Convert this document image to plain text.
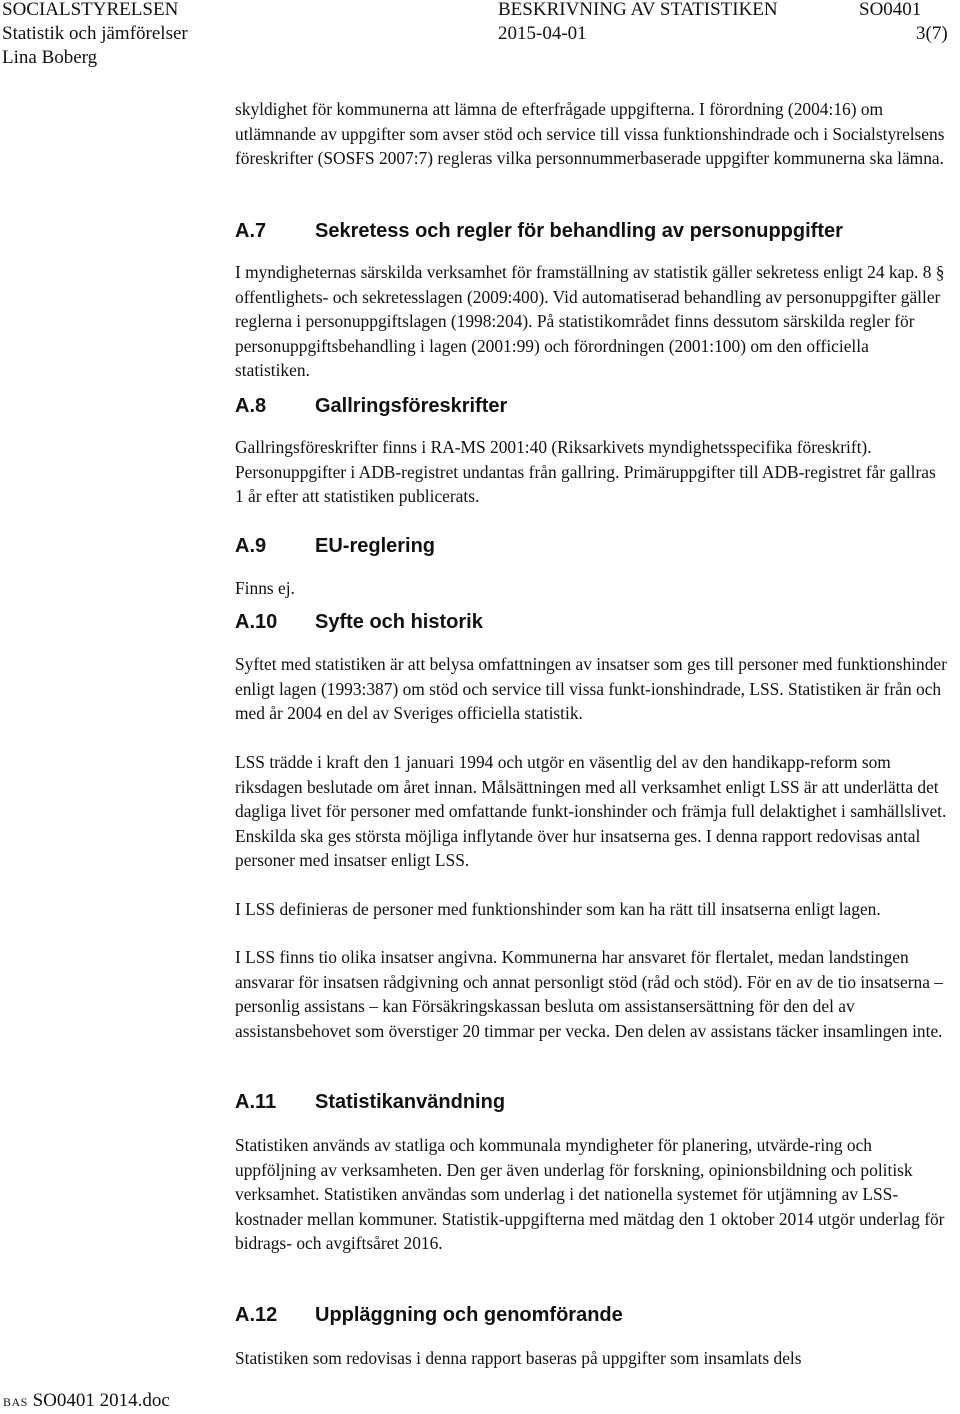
SOCIALSTYRELSEN
Statistik och jämförelser
Lina Boberg
BESKRIVNING AV STATISTIKEN
2015-04-01
SO0401
3(7)

skyldighet för kommunerna att lämna de efterfrågade uppgifterna. I förordning (2004:16) om utlämnande av uppgifter som avser stöd och service till vissa funktionshindrade och i Socialstyrelsens föreskrifter (SOSFS 2007:7) regleras vilka personnummerbaserade uppgifter kommunerna ska lämna.

A.7 Sekretess och regler för behandling av personuppgifter

I myndigheternas särskilda verksamhet för framställning av statistik gäller sekretess enligt 24 kap. 8 § offentlighets- och sekretesslagen (2009:400). Vid automatiserad behandling av personuppgifter gäller reglerna i personuppgiftslagen (1998:204). På statistikområdet finns dessutom särskilda regler för personuppgiftsbehandling i lagen (2001:99) och förordningen (2001:100) om den officiella statistiken.

A.8 Gallringsföreskrifter

Gallringsföreskrifter finns i RA-MS 2001:40 (Riksarkivets myndighetsspecifika föreskrift). Personuppgifter i ADB-registret undantas från gallring. Primäruppgifter till ADB-registret får gallras 1 år efter att statistiken publicerats.

A.9 EU-reglering

Finns ej.

A.10 Syfte och historik

Syftet med statistiken är att belysa omfattningen av insatser som ges till personer med funktionshinder enligt lagen (1993:387) om stöd och service till vissa funkt-ionshindrade, LSS. Statistiken är från och med år 2004 en del av Sveriges officiella statistik.

LSS trädde i kraft den 1 januari 1994 och utgör en väsentlig del av den handikapp-reform som riksdagen beslutade om året innan. Målsättningen med all verksamhet enligt LSS är att underlätta det dagliga livet för personer med omfattande funkt-ionshinder och främja full delaktighet i samhällslivet. Enskilda ska ges största möjliga inflytande över hur insatserna ges. I denna rapport redovisas antal personer med insatser enligt LSS.

I LSS definieras de personer med funktionshinder som kan ha rätt till insatserna enligt lagen.

I LSS finns tio olika insatser angivna. Kommunerna har ansvaret för flertalet, medan landstingen ansvarar för insatsen rådgivning och annat personligt stöd (råd och stöd). För en av de tio insatserna – personlig assistans – kan Försäkringskassan besluta om assistansersättning för den del av assistansbehovet som överstiger 20 timmar per vecka. Den delen av assistans täcker insamlingen inte.

A.11 Statistikanvändning

Statistiken används av statliga och kommunala myndigheter för planering, utvärde-ring och uppföljning av verksamheten. Den ger även underlag för forskning, opinionsbildning och politisk verksamhet. Statistiken användas som underlag i det nationella systemet för utjämning av LSS-kostnader mellan kommuner. Statistik-uppgifterna med mätdag den 1 oktober 2014 utgör underlag för bidrags- och avgiftsåret 2016.

A.12 Uppläggning och genomförande

Statistiken som redovisas i denna rapport baseras på uppgifter som insamlats dels

BAS SO0401 2014.doc
